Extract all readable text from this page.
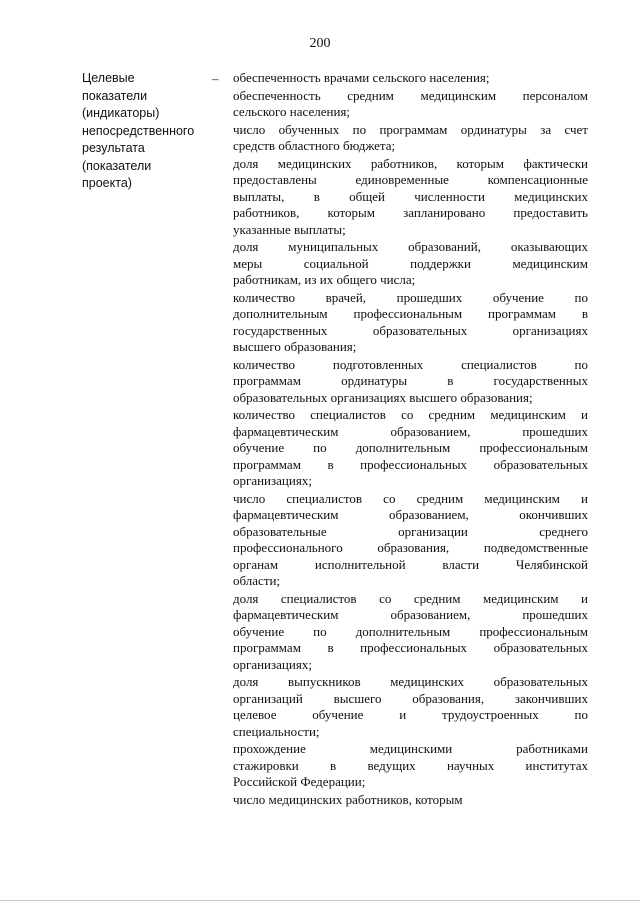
200
Целевые
показатели
(индикаторы)
непосредственного
результата
(показатели
проекта)
– обеспеченность врачами сельского населения;
обеспеченность средним медицинским персоналом
сельского населения;
число обученных по программам ординатуры за счет
средств областного бюджета;
доля медицинских работников, которым фактически
предоставлены единовременные компенсационные
выплаты, в общей численности медицинских
работников, которым запланировано предоставить
указанные выплаты;
доля муниципальных образований, оказывающих
меры социальной поддержки медицинским
работникам, из их общего числа;
количество врачей, прошедших обучение по
дополнительным профессиональным программам в
государственных образовательных организациях
высшего образования;
количество подготовленных специалистов по
программам ординатуры в государственных
образовательных организациях высшего образования;
количество специалистов со средним медицинским и
фармацевтическим образованием, прошедших
обучение по дополнительным профессиональным
программам в профессиональных образовательных
организациях;
число специалистов со средним медицинским и
фармацевтическим образованием, окончивших
образовательные организации среднего
профессионального образования, подведомственные
органам исполнительной власти Челябинской
области;
доля специалистов со средним медицинским и
фармацевтическим образованием, прошедших
обучение по дополнительным профессиональным
программам в профессиональных образовательных
организациях;
доля выпускников медицинских образовательных
организаций высшего образования, закончивших
целевое обучение и трудоустроенных по
специальности;
прохождение медицинскими работниками
стажировки в ведущих научных институтах
Российской Федерации;
число медицинских работников, которым
